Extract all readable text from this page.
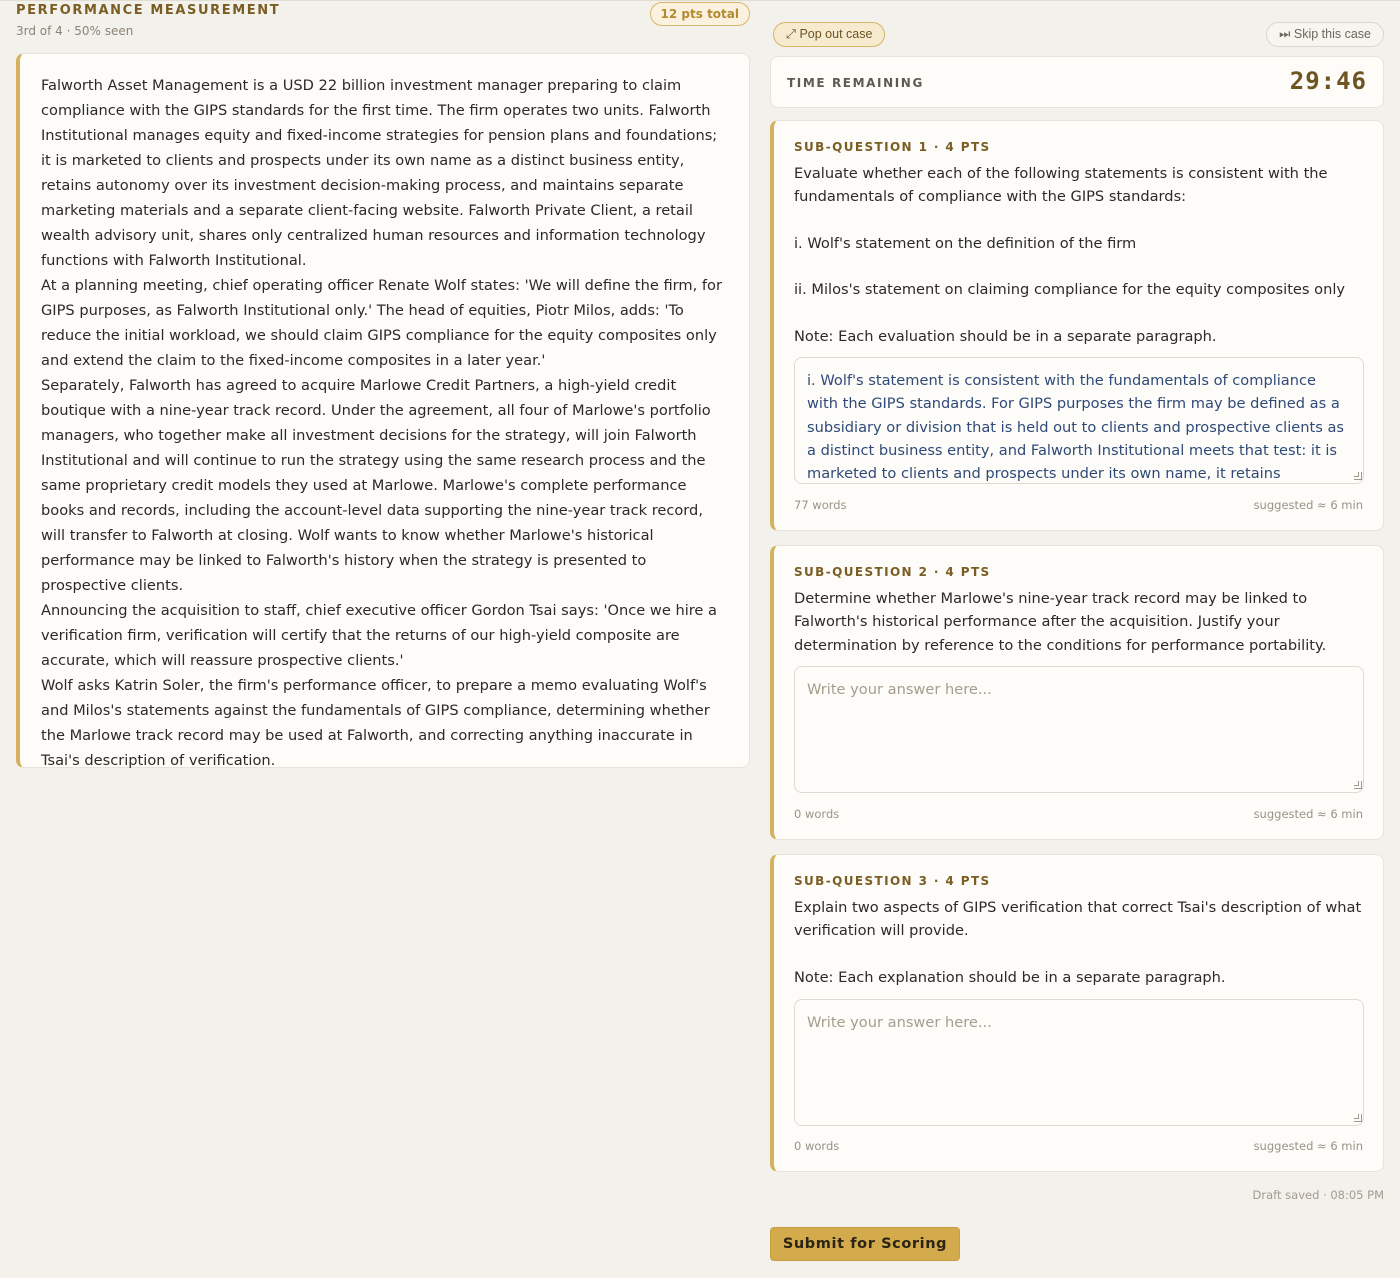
PERFORMANCE MEASUREMENT
3rd of 4 · 50% seen
12 pts total

Falworth Asset Management is a USD 22 billion investment manager preparing to claim compliance with the GIPS standards for the first time. The firm operates two units. Falworth Institutional manages equity and fixed-income strategies for pension plans and foundations; it is marketed to clients and prospects under its own name as a distinct business entity, retains autonomy over its investment decision-making process, and maintains separate marketing materials and a separate client-facing website. Falworth Private Client, a retail wealth advisory unit, shares only centralized human resources and information technology functions with Falworth Institutional.

At a planning meeting, chief operating officer Renate Wolf states: 'We will define the firm, for GIPS purposes, as Falworth Institutional only.' The head of equities, Piotr Milos, adds: 'To reduce the initial workload, we should claim GIPS compliance for the equity composites only and extend the claim to the fixed-income composites in a later year.'

Separately, Falworth has agreed to acquire Marlowe Credit Partners, a high-yield credit boutique with a nine-year track record. Under the agreement, all four of Marlowe's portfolio managers, who together make all investment decisions for the strategy, will join Falworth Institutional and will continue to run the strategy using the same research process and the same proprietary credit models they used at Marlowe. Marlowe's complete performance books and records, including the account-level data supporting the nine-year track record, will transfer to Falworth at closing. Wolf wants to know whether Marlowe's historical performance may be linked to Falworth's history when the strategy is presented to prospective clients.

Announcing the acquisition to staff, chief executive officer Gordon Tsai says: 'Once we hire a verification firm, verification will certify that the returns of our high-yield composite are accurate, which will reassure prospective clients.'

Wolf asks Katrin Soler, the firm's performance officer, to prepare a memo evaluating Wolf's and Milos's statements against the fundamentals of GIPS compliance, determining whether the Marlowe track record may be used at Falworth, and correcting anything inaccurate in Tsai's description of verification.

⤢ Pop out case	⏭ Skip this case
TIME REMAINING	29:46
SUB-QUESTION 1 · 4 PTS

Evaluate whether each of the following statements is consistent with the fundamentals of compliance with the GIPS standards:

i. Wolf's statement on the definition of the firm

ii. Milos's statement on claiming compliance for the equity composites only

Note: Each evaluation should be in a separate paragraph.

i. Wolf's statement is consistent with the fundamentals of compliance with the GIPS standards. For GIPS purposes the firm may be defined as a subsidiary or division that is held out to clients and prospective clients as a distinct business entity, and Falworth Institutional meets that test: it is marketed to clients and prospects under its own name, it retains autonomy over its investment decision-making process, and it maintains separate marketing materials.
77 words	suggested ≈ 6 min
SUB-QUESTION 2 · 4 PTS

Determine whether Marlowe's nine-year track record may be linked to Falworth's historical performance after the acquisition. Justify your determination by reference to the conditions for performance portability.

Write your answer here...
0 words	suggested ≈ 6 min
SUB-QUESTION 3 · 4 PTS

Explain two aspects of GIPS verification that correct Tsai's description of what verification will provide.

Note: Each explanation should be in a separate paragraph.

Write your answer here...
0 words	suggested ≈ 6 min
Draft saved · 08:05 PM
Submit for Scoring
